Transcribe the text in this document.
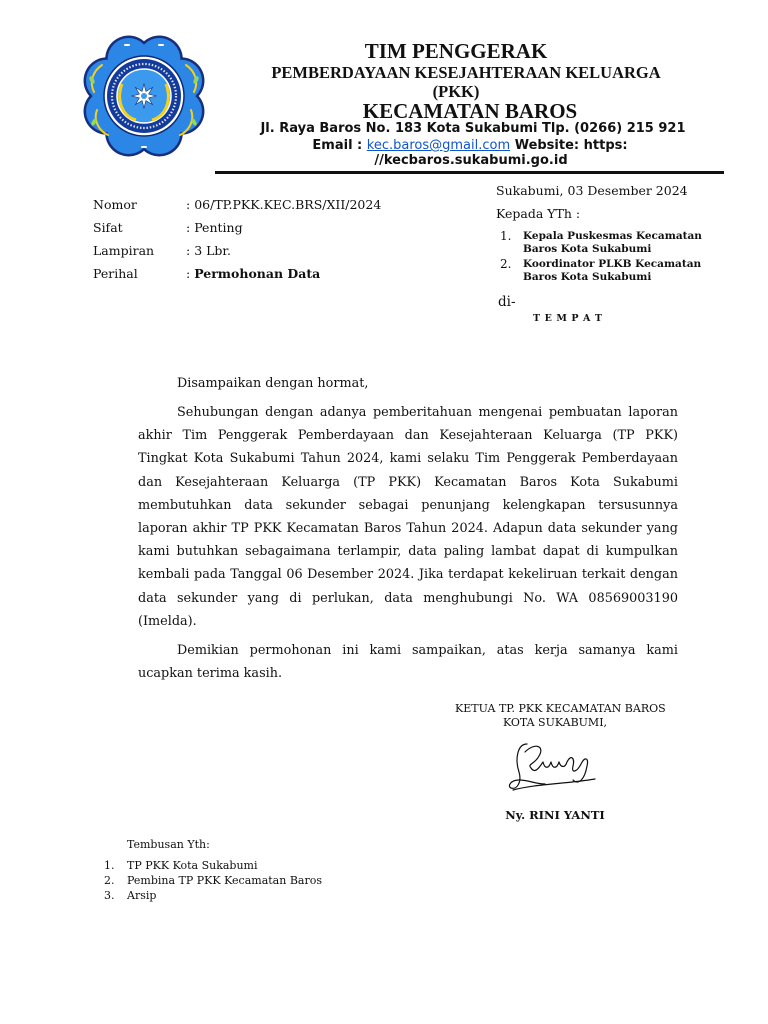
TIM PENGGERAK
PEMBERDAYAAN KESEJAHTERAAN KELUARGA
(PKK)
KECAMATAN BAROS
Jl. Raya Baros No. 183 Kota Sukabumi Tlp. (0266) 215 921
Email : kec.baros@gmail.com Website: https:
//kecbaros.sukabumi.go.id
Nomor	: 06/TP.PKK.KEC.BRS/XII/2024
Sifat	: Penting
Lampiran	: 3 Lbr.
Perihal	: Permohonan Data
Sukabumi, 03 Desember 2024
Kepada YTh :
1. Kepala Puskesmas Kecamatan
Baros Kota Sukabumi
2. Koordinator PLKB Kecamatan
Baros Kota Sukabumi
di-
T E M P A T
Disampaikan dengan hormat,
Sehubungan dengan adanya pemberitahuan mengenai pembuatan laporan
akhir Tim Penggerak Pemberdayaan dan Kesejahteraan Keluarga (TP PKK)
Tingkat Kota Sukabumi Tahun 2024, kami selaku Tim Penggerak Pemberdayaan
dan Kesejahteraan Keluarga (TP PKK) Kecamatan Baros Kota Sukabumi
membutuhkan data sekunder sebagai penunjang kelengkapan tersusunnya
laporan akhir TP PKK Kecamatan Baros Tahun 2024. Adapun data sekunder yang
kami butuhkan sebagaimana terlampir, data paling lambat dapat di kumpulkan
kembali pada Tanggal 06 Desember 2024. Jika terdapat kekeliruan terkait dengan
data sekunder yang di perlukan, data menghubungi No. WA 08569003190
(Imelda).
Demikian permohonan ini kami sampaikan, atas kerja samanya kami
ucapkan terima kasih.
KETUA TP. PKK KECAMATAN BAROS
KOTA SUKABUMI,
Ny. RINI YANTI
Tembusan Yth:
1. TP PKK Kota Sukabumi
2. Pembina TP PKK Kecamatan Baros
3. Arsip
